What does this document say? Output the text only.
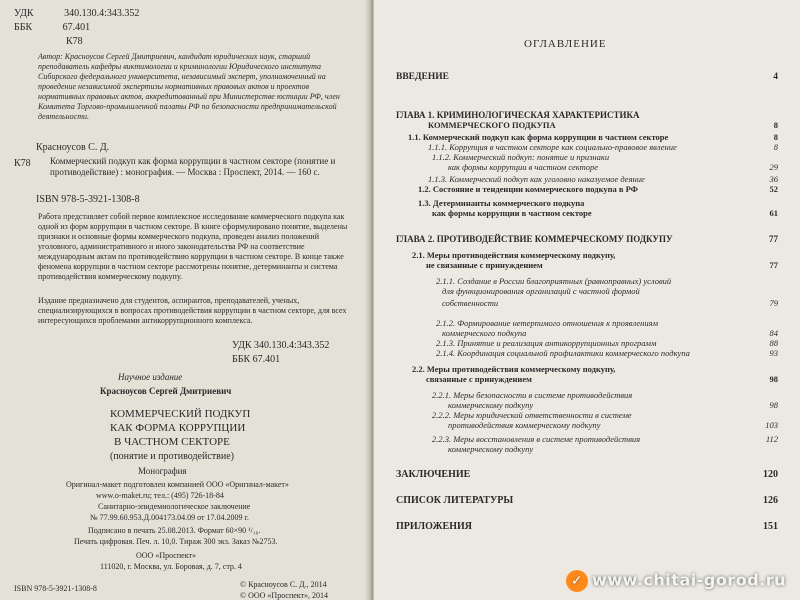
УДК	340.130.4:343.352
ББК	67.401
К78
Автор: Красноусов Сергей Дмитриевич, кандидат юридических наук, старший преподаватель кафедры виктимологии и криминологии Юридического института Сибирского федерального университета, независимый эксперт, уполномоченный на проведение независимой экспертизы нормативных правовых актов и проектов нормативных правовых актов, аккредитованный при Министерстве юстиции РФ, член Комитета Торгово-промышленной палаты РФ по безопасности предпринимательской деятельности.
Красноусов С. Д.
К78 Коммерческий подкуп как форма коррупции в частном секторе (понятие и противодействие) : монография. — Москва : Проспект, 2014. — 160 с.
ISBN 978-5-3921-1308-8
Работа представляет собой первое комплексное исследование коммерческого подкупа как одной из форм коррупции в частном секторе. В книге сформулировано понятие, выделены признаки и основные формы коммерческого подкупа, проведен анализ положений уголовного, административного и иного законодательства РФ на соответствие международным актам по противодействию коррупции в частном секторе. В конце также феномена коррупции в частном секторе рассмотрены понятие, детерминанты и система противодействия коммерческому подкупу.
Издание предназначено для студентов, аспирантов, преподавателей, ученых, специализирующихся в вопросах противодействия коррупции в частном секторе, для всех интересующихся проблемами антикоррупционного комплекса.
УДК 340.130.4:343.352
ББК 67.401
Научное издание
Красноусов Сергей Дмитриевич
КОММЕРЧЕСКИЙ ПОДКУП
КАК ФОРМА КОРРУПЦИИ
В ЧАСТНОМ СЕКТОРЕ
(понятие и противодействие)
Монография
Оригинал-макет подготовлен компанией ООО «Оригинал-макет»
www.o-maket.ru; тел.: (495) 726-18-84
Санитарно-эпидемиологическое заключение
№ 77.99.60.953.Д.004173.04.09 от 17.04.2009 г.
Подписано в печать 25.08.2013. Формат 60×90 ¹/₁₆.
Печать цифровая. Печ. л. 10,0. Тираж 300 экз. Заказ №2753.
ООО «Проспект»
111020, г. Москва, ул. Боровая, д. 7, стр. 4
ISBN 978-5-3921-1308-8	© Красноусов С. Д., 2014
© ООО «Проспект», 2014
ОГЛАВЛЕНИЕ
ВВЕДЕНИЕ	4
ГЛАВА 1. КРИМИНОЛОГИЧЕСКАЯ ХАРАКТЕРИСТИКА
КОММЕРЧЕСКОГО ПОДКУПА	8
1.1. Коммерческий подкуп как форма коррупции в частном секторе	8
1.1.1. Коррупция в частном секторе как социально-правовое явление	8
1.1.2. Коммерческий подкуп: понятие и признаки
как формы коррупции в частном секторе	29
1.1.3. Коммерческий подкуп как уголовно наказуемое деяние	36
1.2. Состояние и тенденции коммерческого подкупа в РФ	52
1.3. Детерминанты коммерческого подкупа
как формы коррупции в частном секторе	61
ГЛАВА 2. ПРОТИВОДЕЙСТВИЕ КОММЕРЧЕСКОМУ ПОДКУПУ	77
2.1. Меры противодействия коммерческому подкупу,
не связанные с принуждением	77
2.1.1. Создание в России благоприятных (равноправных) условий
для функционирования организаций с частной формой
собственности	79
2.1.2. Формирование нетерпимого отношения к проявлениям
коммерческого подкупа	84
2.1.3. Принятие и реализация антикоррупционных программ	88
2.1.4. Координация социальной профилактики коммерческого подкупа	93
2.2. Меры противодействия коммерческому подкупу,
связанные с принуждением	98
2.2.1. Меры безопасности в системе противодействия
коммерческому подкупу	98
2.2.2. Меры юридической ответственности в системе
противодействия коммерческому подкупу	103
2.2.3. Меры восстановления в системе противодействия	112
коммерческому подкупу
ЗАКЛЮЧЕНИЕ	120
СПИСОК ЛИТЕРАТУРЫ	126
ПРИЛОЖЕНИЯ	151
✓ www.chitai-gorod.ru
